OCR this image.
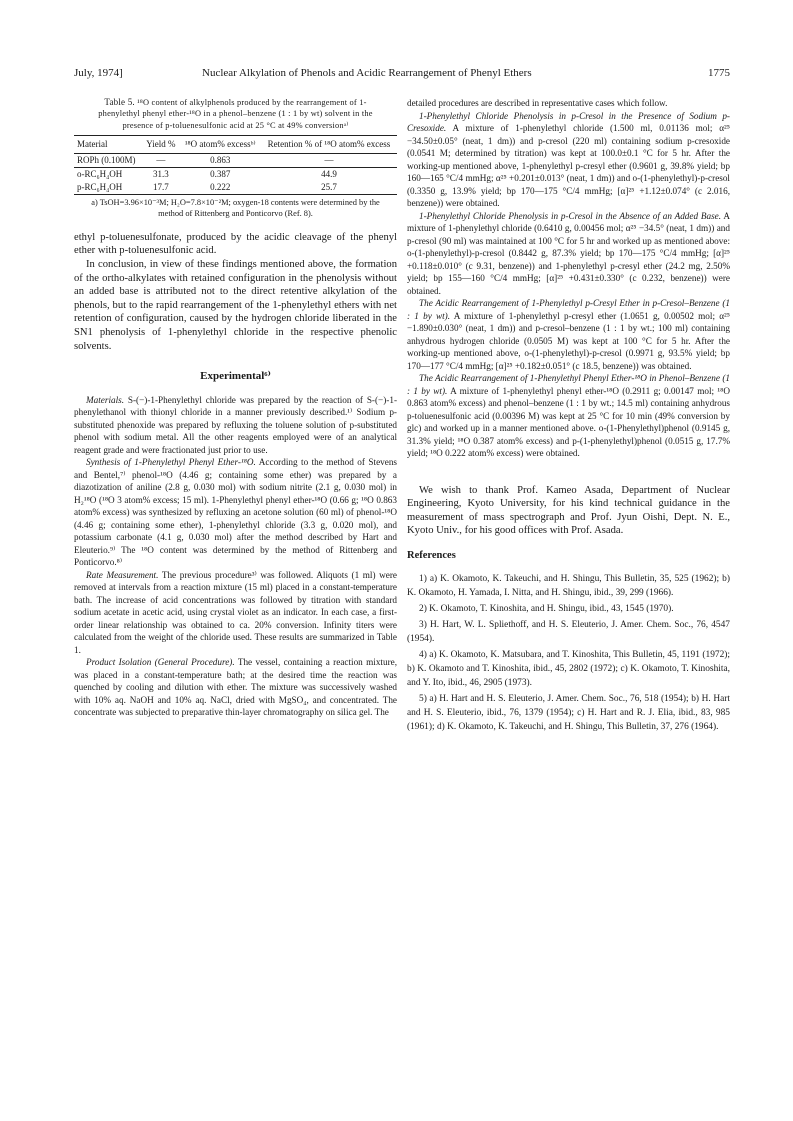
July, 1974]	Nuclear Alkylation of Phenols and Acidic Rearrangement of Phenyl Ethers	1775
Table 5. ¹⁸O content of alkylphenols produced by the rearrangement of 1-phenylethyl phenyl ether-¹⁸O in a phenol–benzene (1 : 1 by wt) solvent in the presence of p-toluenesulfonic acid at 25 °C at 49% conversionᵃ⁾
Material	Yield %	¹⁸O atom% excessᵇ⁾	Retention % of ¹⁸O atom% excess
ROPh (0.100M)	—	0.863	—
o-RC₆H₄OH	31.3	0.387	44.9
p-RC₆H₄OH	17.7	0.222	25.7
a) TsOH=3.96×10⁻³M; H₂O=7.8×10⁻²M; oxygen-18 contents were determined by the method of Rittenberg and Ponticorvo (Ref. 8).

ethyl p-toluenesulfonate, produced by the acidic cleavage of the phenyl ether with p-toluenesulfonic acid.

In conclusion, in view of these findings mentioned above, the formation of the ortho-alkylates with retained configuration in the phenolysis without an added base is attributed not to the direct retentive alkylation of the phenols, but to the rapid rearrangement of the 1-phenylethyl ethers with net retention of configuration, caused by the hydrogen chloride liberated in the SN1 phenolysis of 1-phenylethyl chloride in the respective phenolic solvents.

Experimental⁶⁾

Materials. S-(−)-1-Phenylethyl chloride was prepared by the reaction of S-(−)-1-phenylethanol with thionyl chloride in a manner previously described.¹⁾ Sodium p-substituted phenoxide was prepared by refluxing the toluene solution of p-substituted phenol with sodium metal. All the other reagents employed were of an analytical reagent grade and were fractionated just prior to use.

Synthesis of 1-Phenylethyl Phenyl Ether-¹⁸O. According to the method of Stevens and Bentel,⁷⁾ phenol-¹⁸O (4.46 g; containing some ether) was prepared by a diazotization of aniline (2.8 g, 0.030 mol) with sodium nitrite (2.1 g, 0.030 mol) in H₂¹⁸O (¹⁸O 3 atom% excess; 15 ml). 1-Phenylethyl phenyl ether-¹⁸O (0.66 g; ¹⁸O 0.863 atom% excess) was synthesized by refluxing an acetone solution (60 ml) of phenol-¹⁸O (4.46 g; containing some ether), 1-phenylethyl chloride (3.3 g, 0.020 mol), and potassium carbonate (4.1 g, 0.030 mol) after the method described by Hart and Eleuterio.⁹⁾ The ¹⁸O content was determined by the method of Rittenberg and Ponticorvo.⁸⁾

Rate Measurement. The previous procedure³⁾ was followed. Aliquots (1 ml) were removed at intervals from a reaction mixture (15 ml) placed in a constant-temperature bath. The increase of acid concentrations was followed by titration with standard sodium acetate in acetic acid, using crystal violet as an indicator. In each case, a first-order linear relationship was obtained to ca. 20% conversion. Infinity titers were calculated from the weight of the chloride used. These results are summarized in Table 1.

Product Isolation (General Procedure). The vessel, containing a reaction mixture, was placed in a constant-temperature bath; at the desired time the reaction was quenched by cooling and dilution with ether. The mixture was successively washed with 10% aq. NaOH and 10% aq. NaCl, dried with MgSO₄, and concentrated. The concentrate was subjected to preparative thin-layer chromatography on silica gel. The

detailed procedures are described in representative cases which follow.

1-Phenylethyl Chloride Phenolysis in p-Cresol in the Presence of Sodium p-Cresoxide. A mixture of 1-phenylethyl chloride (1.500 ml, 0.01136 mol; α²⁵ −34.50±0.05° (neat, 1 dm)) and p-cresol (220 ml) containing sodium p-cresoxide (0.0541 M; determined by titration) was kept at 100.0±0.1 °C for 5 hr. After the working-up mentioned above, 1-phenylethyl p-cresyl ether (0.9601 g, 39.8% yield; bp 160—165 °C/4 mmHg; α²⁵ +0.201±0.013° (neat, 1 dm)) and o-(1-phenylethyl)-p-cresol (0.3350 g, 13.9% yield; bp 170—175 °C/4 mmHg; [α]²⁵ +1.12±0.074° (c 2.016, benzene)) were obtained.

1-Phenylethyl Chloride Phenolysis in p-Cresol in the Absence of an Added Base. A mixture of 1-phenylethyl chloride (0.6410 g, 0.00456 mol; α²⁵ −34.5° (neat, 1 dm)) and p-cresol (90 ml) was maintained at 100 °C for 5 hr and worked up as mentioned above: o-(1-phenylethyl)-p-cresol (0.8442 g, 87.3% yield; bp 170—175 °C/4 mmHg; [α]²⁵ +0.118±0.010° (c 9.31, benzene)) and 1-phenylethyl p-cresyl ether (24.2 mg, 2.50% yield; bp 155—160 °C/4 mmHg; [α]²⁵ +0.431±0.330° (c 0.232, benzene)) were obtained.

The Acidic Rearrangement of 1-Phenylethyl p-Cresyl Ether in p-Cresol–Benzene (1 : 1 by wt). A mixture of 1-phenylethyl p-cresyl ether (1.0651 g, 0.00502 mol; α²⁵ −1.890±0.030° (neat, 1 dm)) and p-cresol–benzene (1 : 1 by wt.; 100 ml) containing anhydrous hydrogen chloride (0.0505 M) was kept at 100 °C for 5 hr. After the working-up mentioned above, o-(1-phenylethyl)-p-cresol (0.9971 g, 93.5% yield; bp 170—177 °C/4 mmHg; [α]²⁵ +0.182±0.051° (c 18.5, benzene)) was obtained.

The Acidic Rearrangement of 1-Phenylethyl Phenyl Ether-¹⁸O in Phenol–Benzene (1 : 1 by wt). A mixture of 1-phenylethyl phenyl ether-¹⁸O (0.2911 g; 0.00147 mol; ¹⁸O 0.863 atom% excess) and phenol–benzene (1 : 1 by wt.; 14.5 ml) containing anhydrous p-toluenesulfonic acid (0.00396 M) was kept at 25 °C for 10 min (49% conversion by glc) and worked up in a manner mentioned above. o-(1-Phenylethyl)phenol (0.9145 g, 31.3% yield; ¹⁸O 0.387 atom% excess) and p-(1-phenylethyl)phenol (0.0515 g, 17.7% yield; ¹⁸O 0.222 atom% excess) were obtained.

We wish to thank Prof. Kameo Asada, Department of Nuclear Engineering, Kyoto University, for his kind technical guidance in the measurement of mass spectrograph and Prof. Jyun Oishi, Dept. N. E., Kyoto Univ., for his good offices with Prof. Asada.

References

1) a) K. Okamoto, K. Takeuchi, and H. Shingu, This Bulletin, 35, 525 (1962); b) K. Okamoto, H. Yamada, I. Nitta, and H. Shingu, ibid., 39, 299 (1966).

2) K. Okamoto, T. Kinoshita, and H. Shingu, ibid., 43, 1545 (1970).

3) H. Hart, W. L. Spliethoff, and H. S. Eleuterio, J. Amer. Chem. Soc., 76, 4547 (1954).

4) a) K. Okamoto, K. Matsubara, and T. Kinoshita, This Bulletin, 45, 1191 (1972); b) K. Okamoto and T. Kinoshita, ibid., 45, 2802 (1972); c) K. Okamoto, T. Kinoshita, and Y. Ito, ibid., 46, 2905 (1973).

5) a) H. Hart and H. S. Eleuterio, J. Amer. Chem. Soc., 76, 518 (1954); b) H. Hart and H. S. Eleuterio, ibid., 76, 1379 (1954); c) H. Hart and R. J. Elia, ibid., 83, 985 (1961); d) K. Okamoto, K. Takeuchi, and H. Shingu, This Bulletin, 37, 276 (1964).
